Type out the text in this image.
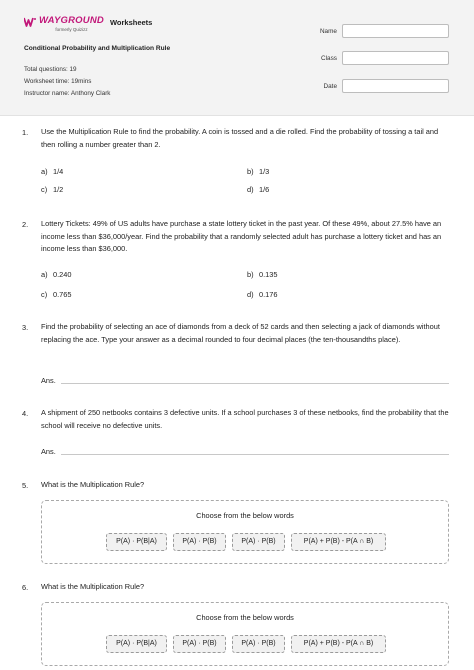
WAYGROUND
formerly Quizizz
Worksheets
Conditional Probability and Multiplication Rule
Total questions: 19
Worksheet time: 19mins
Instructor name: Anthony Clark
Name
Class
Date
1. Use the Multiplication Rule to find the probability. A coin is tossed and a die rolled. Find the probability of tossing a tail and then rolling a number greater than 2.
a) 1/4	b) 1/3
c) 1/2	d) 1/6
2. Lottery Tickets: 49% of US adults have purchase a state lottery ticket in the past year. Of these 49%, about 27.5% have an income less than $36,000/year. Find the probability that a randomly selected adult has purchase a lottery ticket and has an income less than $36,000.
a) 0.240	b) 0.135
c) 0.765	d) 0.176
3. Find the probability of selecting an ace of diamonds from a deck of 52 cards and then selecting a jack of diamonds without replacing the ace. Type your answer as a decimal rounded to four decimal places (the ten-thousandths place).
Ans.
4. A shipment of 250 netbooks contains 3 defective units. If a school purchases 3 of these netbooks, find the probability that the school will receive no defective units.
Ans.
5. What is the Multiplication Rule?
Choose from the below words
P(A) · P(B|A)	P(A) · P(B)	P(A) · P(B)	P(A) + P(B) - P(A ∩ B)
6. What is the Multiplication Rule?
Choose from the below words
P(A) · P(B|A)	P(A) · P(B)	P(A) · P(B)	P(A) + P(B) - P(A ∩ B)
